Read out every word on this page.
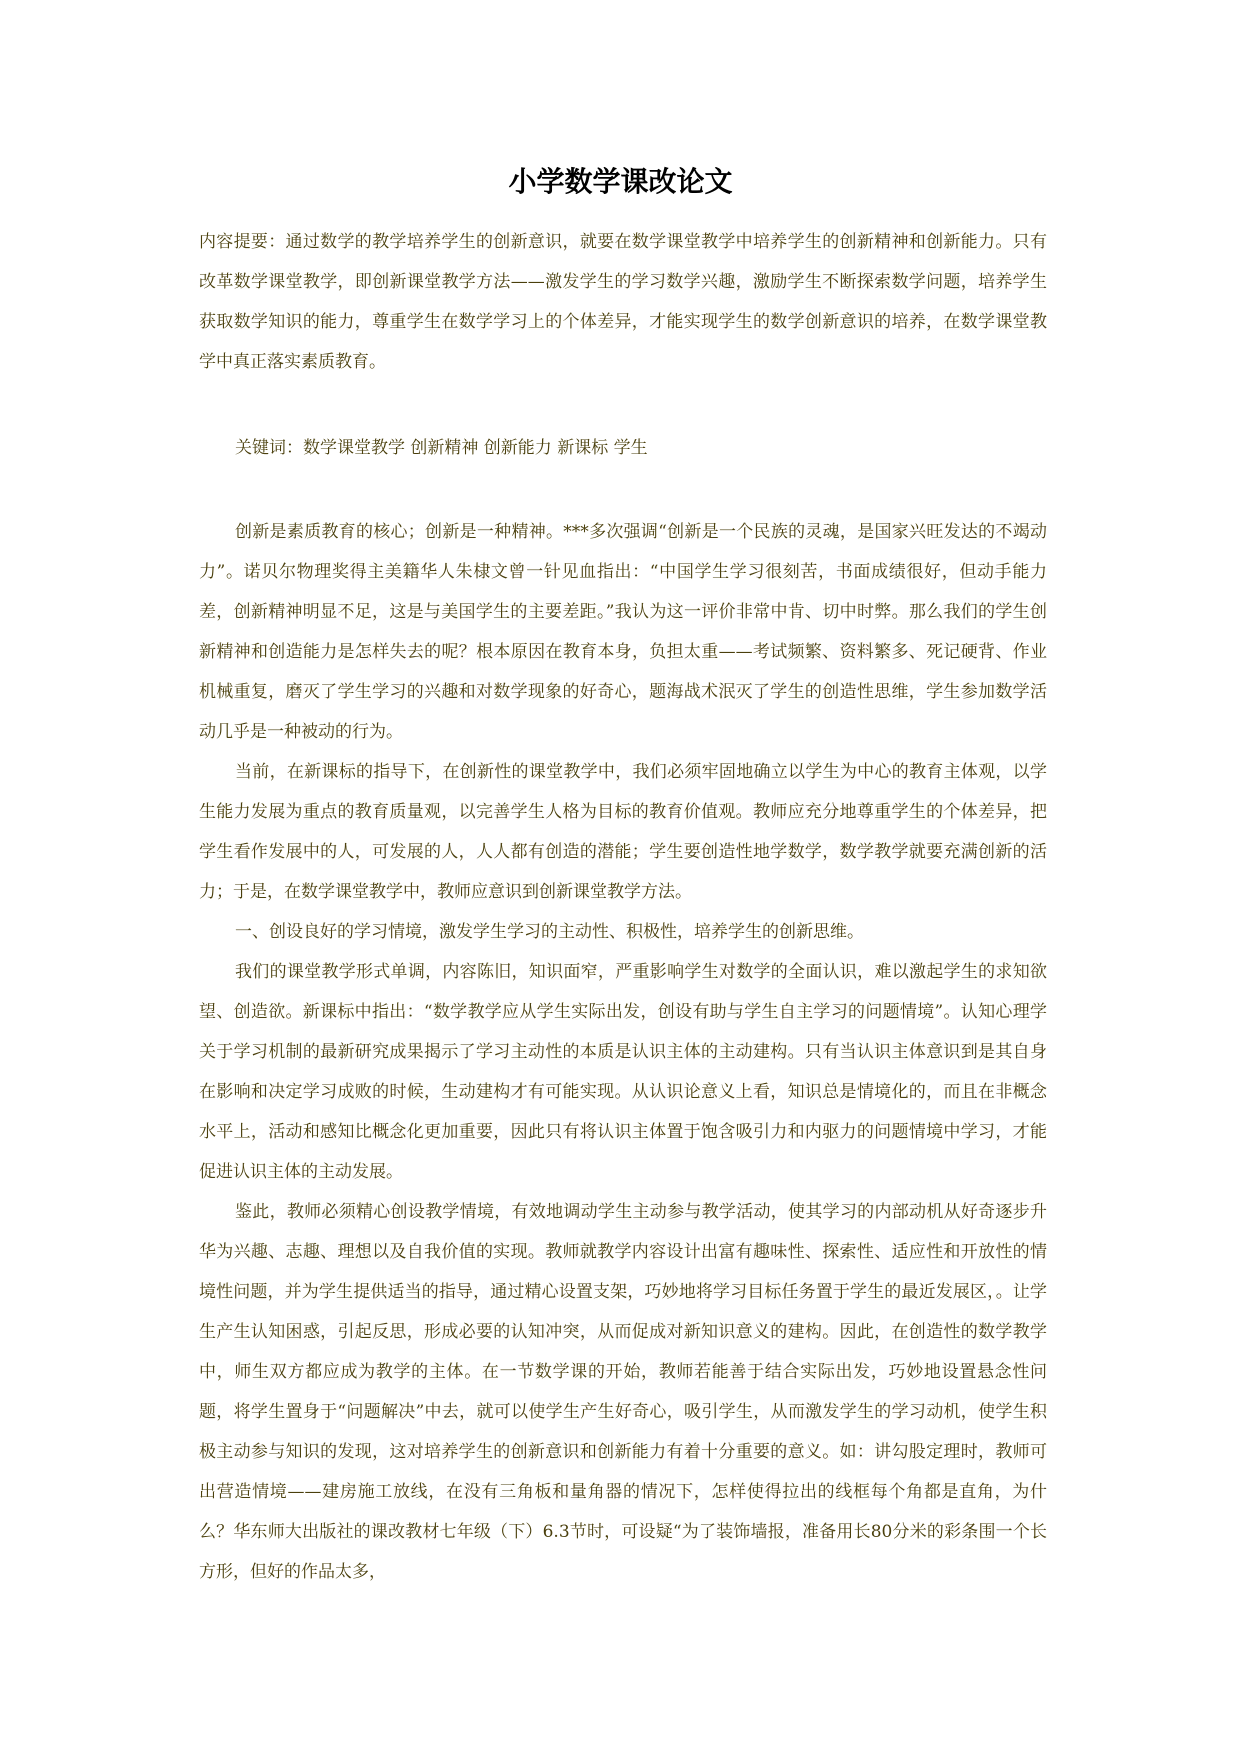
小学数学课改论文

内容提要：通过数学的教学培养学生的创新意识，就要在数学课堂教学中培养学生的创新精神和创新能力。只有改革数学课堂教学，即创新课堂教学方法——激发学生的学习数学兴趣，激励学生不断探索数学问题，培养学生获取数学知识的能力，尊重学生在数学学习上的个体差异，才能实现学生的数学创新意识的培养，在数学课堂教学中真正落实素质教育。

关键词：数学课堂教学 创新精神 创新能力 新课标 学生

创新是素质教育的核心；创新是一种精神。***多次强调“创新是一个民族的灵魂，是国家兴旺发达的不竭动力”。诺贝尔物理奖得主美籍华人朱棣文曾一针见血指出：“中国学生学习很刻苦，书面成绩很好，但动手能力差，创新精神明显不足，这是与美国学生的主要差距。”我认为这一评价非常中肯、切中时弊。那么我们的学生创新精神和创造能力是怎样失去的呢？根本原因在教育本身，负担太重——考试频繁、资料繁多、死记硬背、作业机械重复，磨灭了学生学习的兴趣和对数学现象的好奇心，题海战术泯灭了学生的创造性思维，学生参加数学活动几乎是一种被动的行为。

当前，在新课标的指导下，在创新性的课堂教学中，我们必须牢固地确立以学生为中心的教育主体观，以学生能力发展为重点的教育质量观，以完善学生人格为目标的教育价值观。教师应充分地尊重学生的个体差异，把学生看作发展中的人，可发展的人，人人都有创造的潜能；学生要创造性地学数学，数学教学就要充满创新的活力；于是，在数学课堂教学中，教师应意识到创新课堂教学方法。

一、创设良好的学习情境，激发学生学习的主动性、积极性，培养学生的创新思维。

我们的课堂教学形式单调，内容陈旧，知识面窄，严重影响学生对数学的全面认识，难以激起学生的求知欲望、创造欲。新课标中指出：“数学教学应从学生实际出发，创设有助与学生自主学习的问题情境”。认知心理学关于学习机制的最新研究成果揭示了学习主动性的本质是认识主体的主动建构。只有当认识主体意识到是其自身在影响和决定学习成败的时候，生动建构才有可能实现。从认识论意义上看，知识总是情境化的，而且在非概念水平上，活动和感知比概念化更加重要，因此只有将认识主体置于饱含吸引力和内驱力的问题情境中学习，才能促进认识主体的主动发展。

鉴此，教师必须精心创设教学情境，有效地调动学生主动参与教学活动，使其学习的内部动机从好奇逐步升华为兴趣、志趣、理想以及自我价值的实现。教师就教学内容设计出富有趣味性、探索性、适应性和开放性的情境性问题，并为学生提供适当的指导，通过精心设置支架，巧妙地将学习目标任务置于学生的最近发展区，。让学生产生认知困惑，引起反思，形成必要的认知冲突，从而促成对新知识意义的建构。因此，在创造性的数学教学中，师生双方都应成为教学的主体。在一节数学课的开始，教师若能善于结合实际出发，巧妙地设置悬念性问题，将学生置身于“问题解决”中去，就可以使学生产生好奇心，吸引学生，从而激发学生的学习动机，使学生积极主动参与知识的发现，这对培养学生的创新意识和创新能力有着十分重要的意义。如：讲勾股定理时，教师可出营造情境——建房施工放线，在没有三角板和量角器的情况下，怎样使得拉出的线框每个角都是直角，为什么？华东师大出版社的课改教材七年级（下）6.3节时，可设疑“为了装饰墙报，准备用长80分米的彩条围一个长方形，但好的作品太多，
